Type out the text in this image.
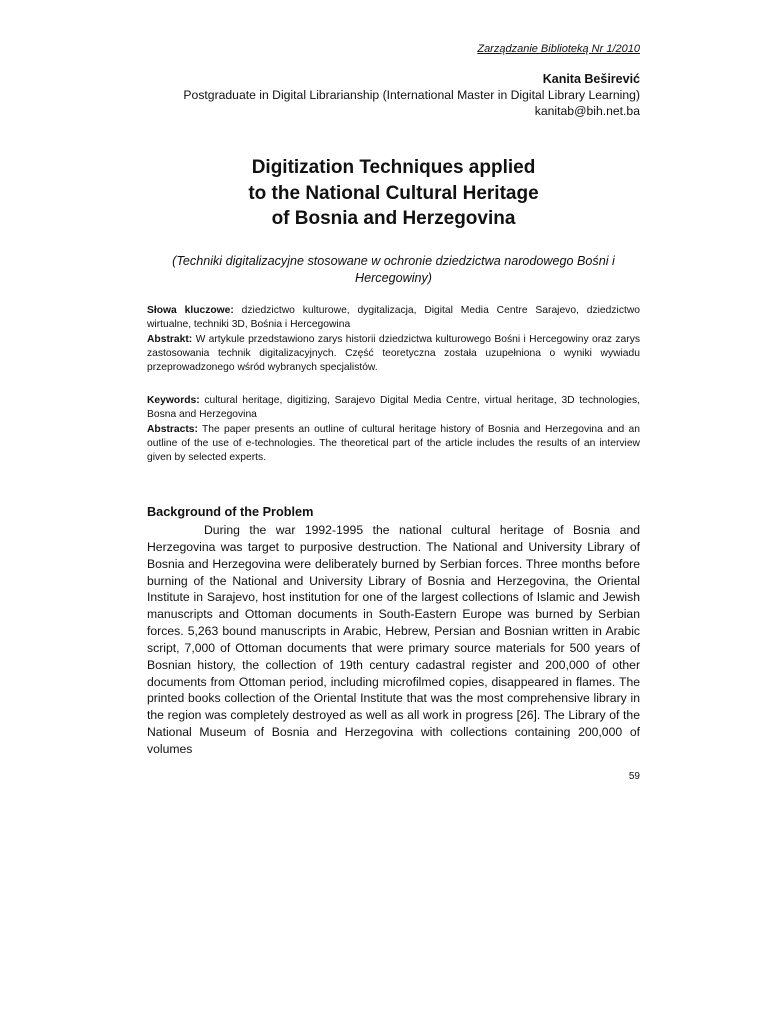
Zarządzanie Biblioteką Nr 1/2010
Kanita Beširević
Postgraduate in Digital Librarianship (International Master in Digital Library Learning)
kanitab@bih.net.ba
Digitization Techniques applied
to the National Cultural Heritage
of Bosnia and Herzegovina
(Techniki digitalizacyjne stosowane w ochronie dziedzictwa narodowego Bośni i Hercegowiny)
Słowa kluczowe: dziedzictwo kulturowe, dygitalizacja, Digital Media Centre Sarajevo, dziedzictwo wirtualne, techniki 3D, Bośnia i Hercegowina
Abstrakt: W artykule przedstawiono zarys historii dziedzictwa kulturowego Bośni i Hercegowiny oraz zarys zastosowania technik digitalizacyjnych. Część teoretyczna została uzupełniona o wyniki wywiadu przeprowadzonego wśród wybranych specjalistów.
Keywords: cultural heritage, digitizing, Sarajevo Digital Media Centre, virtual heritage, 3D technologies, Bosna and Herzegovina
Abstracts: The paper presents an outline of cultural heritage history of Bosnia and Herzegovina and an outline of the use of e-technologies. The theoretical part of the article includes the results of an interview given by selected experts.
Background of the Problem
During the war 1992-1995 the national cultural heritage of Bosnia and Herzegovina was target to purposive destruction. The National and University Library of Bosnia and Herzegovina were deliberately burned by Serbian forces. Three months before burning of the National and University Library of Bosnia and Herzegovina, the Oriental Institute in Sarajevo, host institution for one of the largest collections of Islamic and Jewish manuscripts and Ottoman documents in South-Eastern Europe was burned by Serbian forces. 5,263 bound manuscripts in Arabic, Hebrew, Persian and Bosnian written in Arabic script, 7,000 of Ottoman documents that were primary source materials for 500 years of Bosnian history, the collection of 19th century cadastral register and 200,000 of other documents from Ottoman period, including microfilmed copies, disappeared in flames. The printed books collection of the Oriental Institute that was the most comprehensive library in the region was completely destroyed as well as all work in progress [26]. The Library of the National Museum of Bosnia and Herzegovina with collections containing 200,000 of volumes
59
